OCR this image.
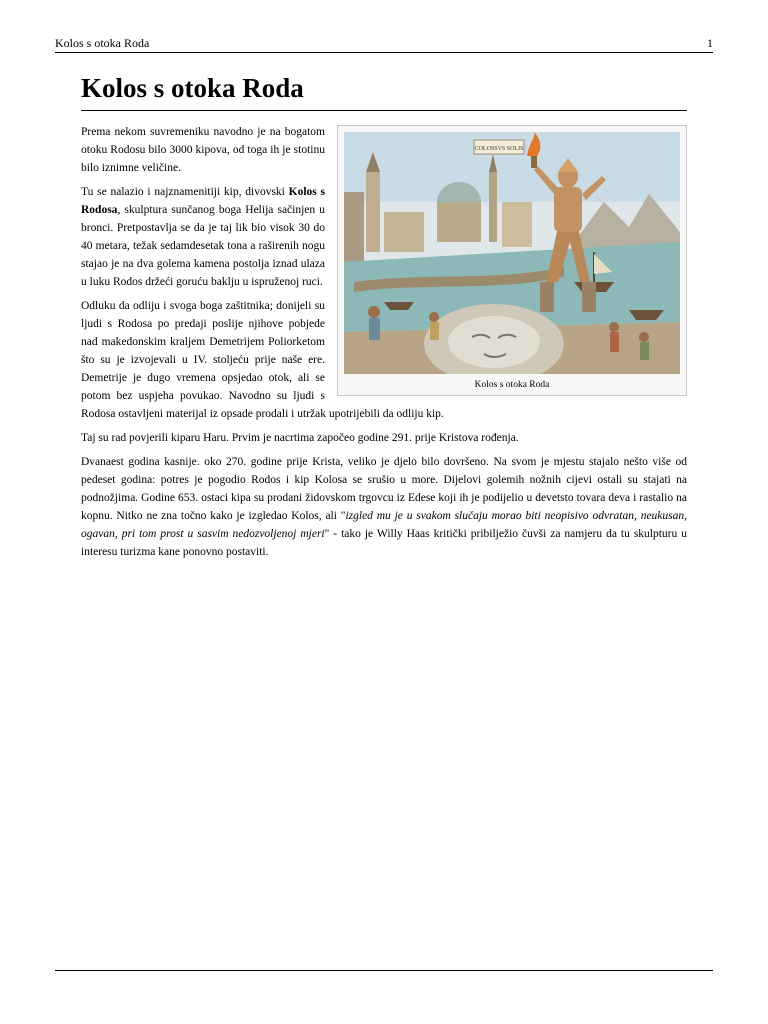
Kolos s otoka Roda	1
Kolos s otoka Roda
COLOSSVS SOLIS
Kolos s otoka Roda

Prema nekom suvremeniku navodno je na bogatom otoku Rodosu bilo 3000 kipova, od toga ih je stotinu bilo iznimne veličine.

Tu se nalazio i najznamenitiji kip, divovski Kolos s Rodosa, skulptura sunčanog boga Helija sačinjen u bronci. Pretpostavlja se da je taj lik bio visok 30 do 40 metara, težak sedamdesetak tona a raširenih nogu stajao je na dva golema kamena postolja iznad ulaza u luku Rodos držeći goruću baklju u ispruženoj ruci.

Odluku da odliju i svoga boga zaštitnika; donijeli su ljudi s Rodosa po predaji poslije njihove pobjede nad makedonskim kraljem Demetrijem Poliorketom što su je izvojevali u IV. stoljeću prije naše ere. Demetrije je dugo vremena opsjedao otok, ali se potom bez uspjeha povukao. Navodno su ljudi s Rodosa ostavljeni materijal iz opsade prodali i utržak upotrijebili da odliju kip.

Taj su rad povjerili kiparu Haru. Prvim je nacrtima započeo godine 291. prije Kristova rođenja.

Dvanaest godina kasnije. oko 270. godine prije Krista, veliko je djelo bilo dovršeno. Na svom je mjestu stajalo nešto više od pedeset godina: potres je pogodio Rodos i kip Kolosa se srušio u more. Dijelovi golemih nožnih cijevi ostali su stajati na podnožjima. Godine 653. ostaci kipa su prodani židovskom trgovcu iz Edese koji ih je podijelio u devetsto tovara deva i rastalio na kopnu. Nitko ne zna točno kako je izgledao Kolos, ali "izgled mu je u svakom slučaju morao biti neopisivo odvratan, neukusan, ogavan, pri tom prost u sasvim nedozvoljenoj mjeri" - tako je Willy Haas kritički pribilježio čuvši za namjeru da tu skulpturu u interesu turizma kane ponovno postaviti.
